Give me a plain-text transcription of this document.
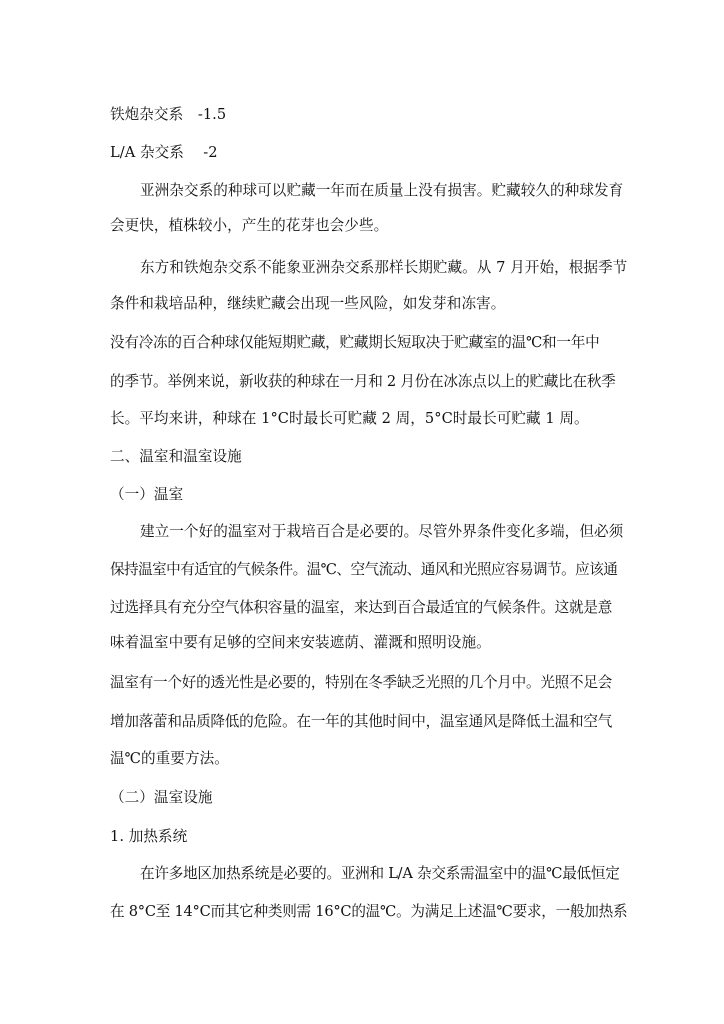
铁炮杂交系　-1.5
L/A 杂交系　 -2
亚洲杂交系的种球可以贮藏一年而在质量上没有损害。贮藏较久的种球发育
会更快，植株较小，产生的花芽也会少些。
东方和铁炮杂交系不能象亚洲杂交系那样长期贮藏。从 7 月开始，根据季节
条件和栽培品种，继续贮藏会出现一些风险，如发芽和冻害。
没有冷冻的百合种球仅能短期贮藏，贮藏期长短取决于贮藏室的温℃和一年中
的季节。举例来说，新收获的种球在一月和 2 月份在冰冻点以上的贮藏比在秋季
长。平均来讲，种球在 1°C时最长可贮藏 2 周，5°C时最长可贮藏 1 周。
二、温室和温室设施
（一）温室
建立一个好的温室对于栽培百合是必要的。尽管外界条件变化多端，但必须
保持温室中有适宜的气候条件。温℃、空气流动、通风和光照应容易调节。应该通
过选择具有充分空气体积容量的温室，来达到百合最适宜的气候条件。这就是意
味着温室中要有足够的空间来安装遮荫、灌溉和照明设施。
温室有一个好的透光性是必要的，特别在冬季缺乏光照的几个月中。光照不足会
增加落蕾和品质降低的危险。在一年的其他时间中，温室通风是降低土温和空气
温℃的重要方法。
（二）温室设施
1. 加热系统
在许多地区加热系统是必要的。亚洲和 L/A 杂交系需温室中的温℃最低恒定
在 8°C至 14°C而其它种类则需 16°C的温℃。为满足上述温℃要求，一般加热系
